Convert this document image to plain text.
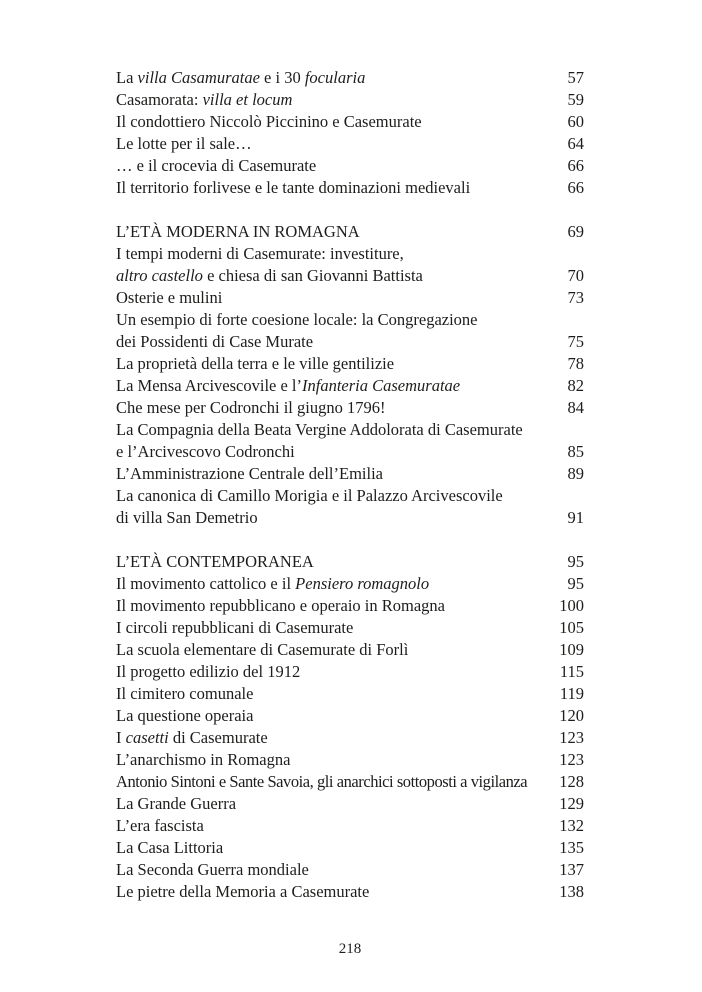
La villa Casamuratae e i 30 focularia	57
Casamorata: villa et locum	59
Il condottiero Niccolò Piccinino e Casemurate	60
Le lotte per il sale…	64
… e il crocevia di Casemurate	66
Il territorio forlivese e le tante dominazioni medievali	66
L’ETÀ MODERNA IN ROMAGNA	69
I tempi moderni di Casemurate: investiture,
altro castello e chiesa di san Giovanni Battista	70
Osterie e mulini	73
Un esempio di forte coesione locale: la Congregazione
dei Possidenti di Case Murate	75
La proprietà della terra e le ville gentilizie	78
La Mensa Arcivescovile e l’Infanteria Casemuratae	82
Che mese per Codronchi il giugno 1796!	84
La Compagnia della Beata Vergine Addolorata di Casemurate
e l’Arcivescovo Codronchi	85
L’Amministrazione Centrale dell’Emilia	89
La canonica di Camillo Morigia e il Palazzo Arcivescovile
di villa San Demetrio	91
L’ETÀ CONTEMPORANEA	95
Il movimento cattolico e il Pensiero romagnolo	95
Il movimento repubblicano e operaio in Romagna	100
I circoli repubblicani di Casemurate	105
La scuola elementare di Casemurate di Forlì	109
Il progetto edilizio del 1912	115
Il cimitero comunale	119
La questione operaia	120
I casetti di Casemurate	123
L’anarchismo in Romagna	123
Antonio Sintoni e Sante Savoia, gli anarchici sottoposti a vigilanza	128
La Grande Guerra	129
L’era fascista	132
La Casa Littoria	135
La Seconda Guerra mondiale	137
Le pietre della Memoria a Casemurate	138
218
